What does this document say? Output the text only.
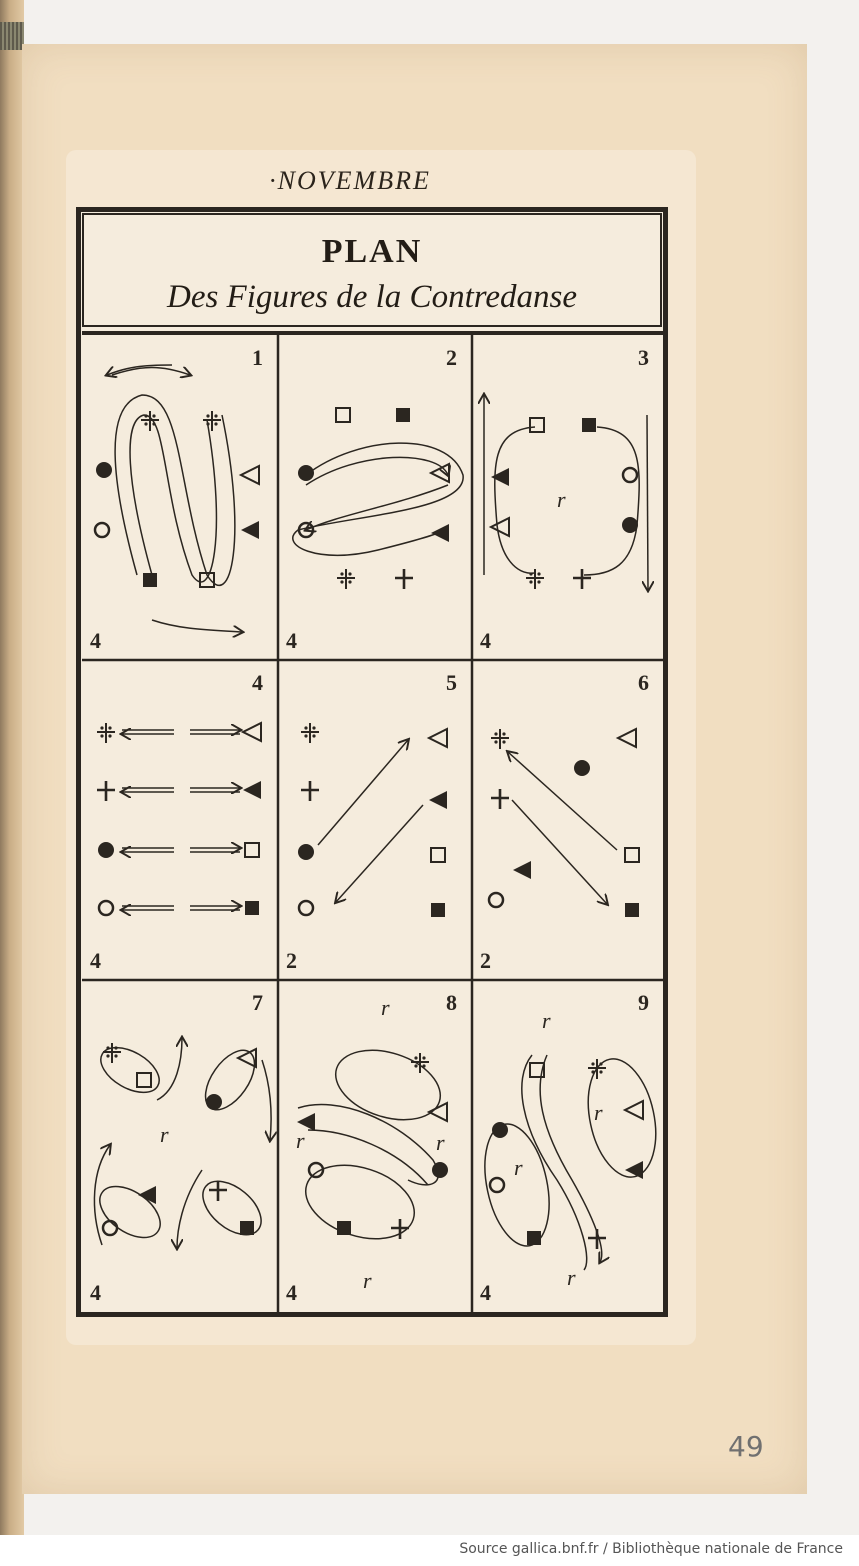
·NOVEMBRE
PLAN
Des Figures de la Contredanse
1
4
2
4
3
4
r
4
4
5
2
6
2
7
4
r
8
4
r
r	r
r
9
4
r
r
r
r
49
Source gallica.bnf.fr / Bibliothèque nationale de France
